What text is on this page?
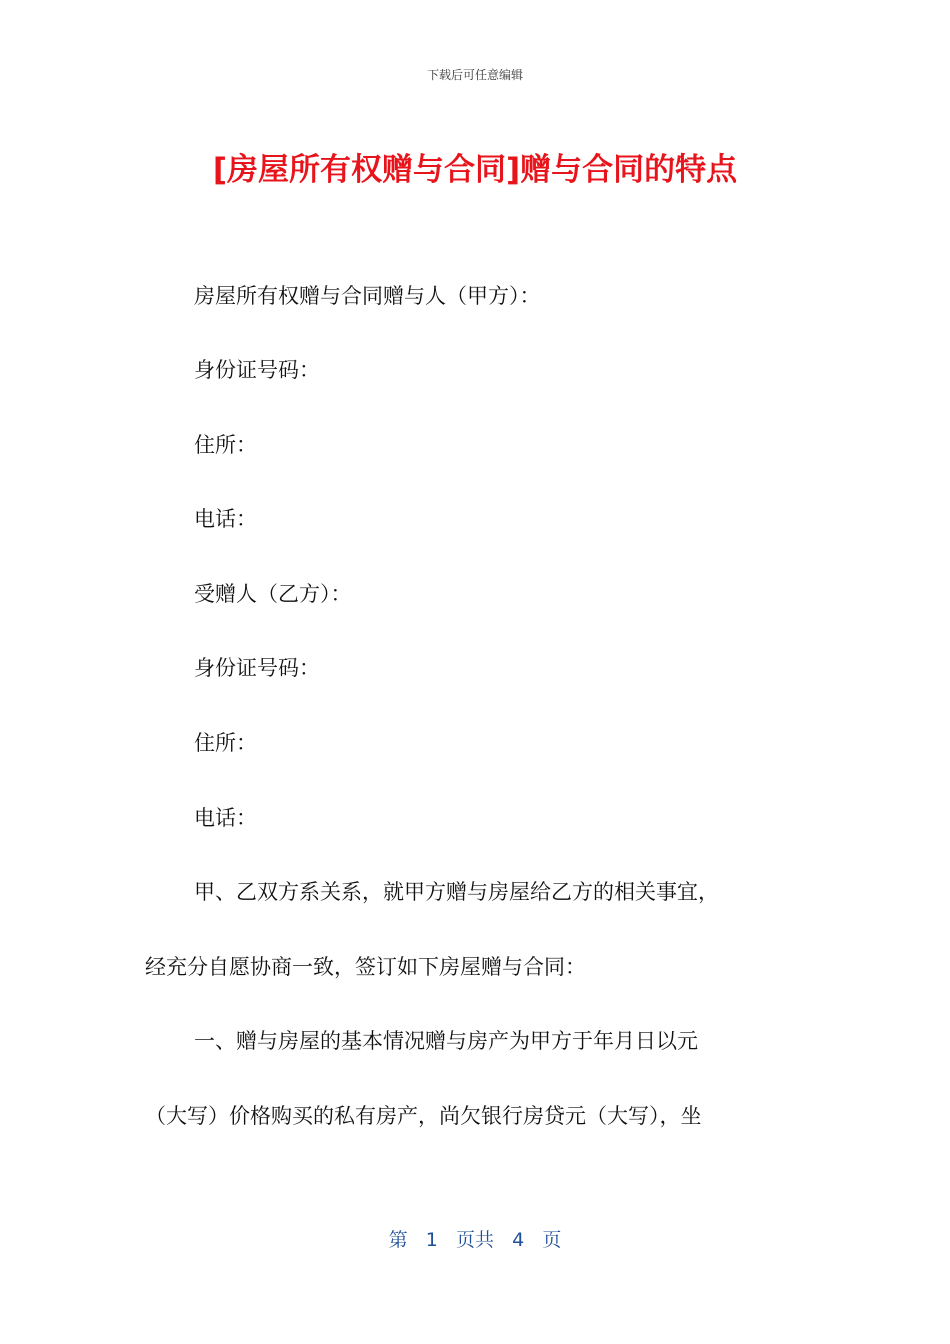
下载后可任意编辑
[房屋所有权赠与合同]赠与合同的特点
房屋所有权赠与合同赠与人（甲方）：
身份证号码：
住所：
电话：
受赠人（乙方）：
身份证号码：
住所：
电话：
甲、乙双方系关系，就甲方赠与房屋给乙方的相关事宜，
经充分自愿协商一致，签订如下房屋赠与合同：
一、赠与房屋的基本情况赠与房产为甲方于年月日以元
（大写）价格购买的私有房产，尚欠银行房贷元（大写），坐
第 1 页共 4 页
